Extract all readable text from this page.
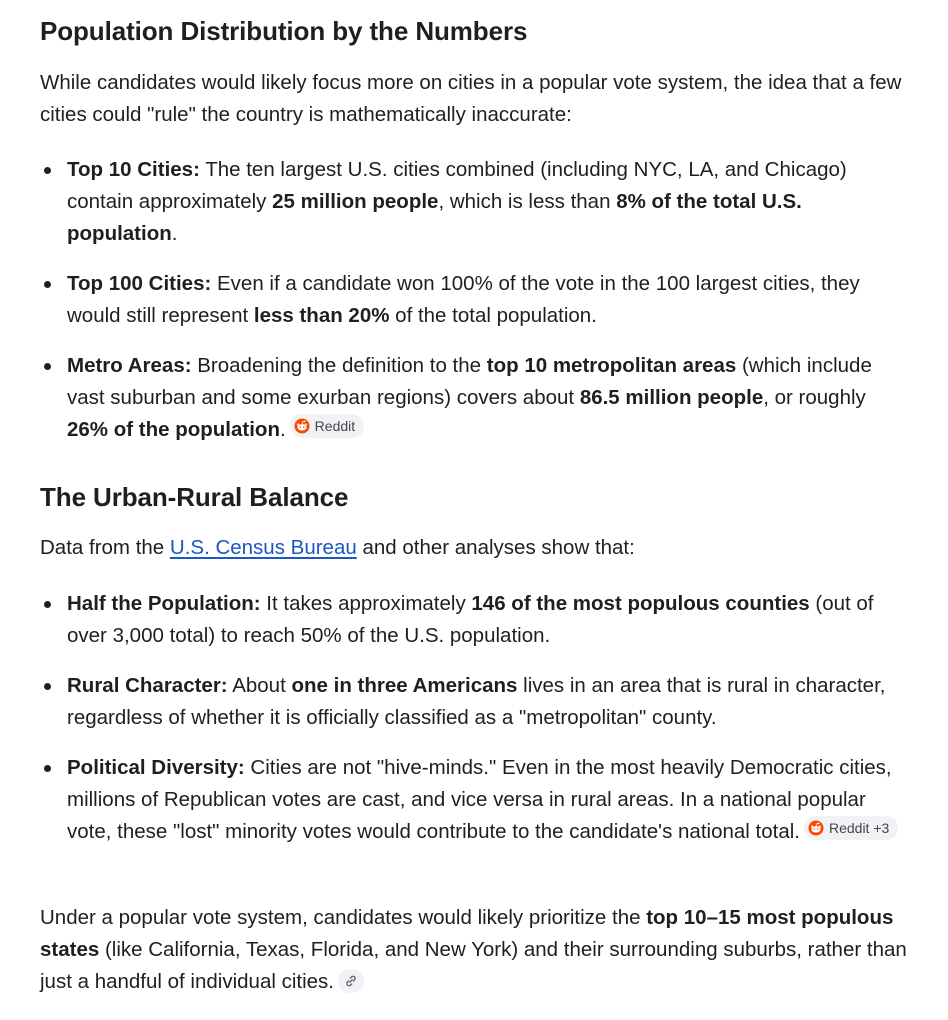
Population Distribution by the Numbers

While candidates would likely focus more on cities in a popular vote system, the idea that a few cities could "rule" the country is mathematically inaccurate:

Top 10 Cities: The ten largest U.S. cities combined (including NYC, LA, and Chicago) contain approximately 25 million people, which is less than 8% of the total U.S. population.
Top 100 Cities: Even if a candidate won 100% of the vote in the 100 largest cities, they would still represent less than 20% of the total population.
Metro Areas: Broadening the definition to the top 10 metropolitan areas (which include vast suburban and some exurban regions) covers about 86.5 million people, or roughly 26% of the population. Reddit
The Urban-Rural Balance

Data from the U.S. Census Bureau and other analyses show that:

Half the Population: It takes approximately 146 of the most populous counties (out of over 3,000 total) to reach 50% of the U.S. population.
Rural Character: About one in three Americans lives in an area that is rural in character, regardless of whether it is officially classified as a "metropolitan" county.
Political Diversity: Cities are not "hive-minds." Even in the most heavily Democratic cities, millions of Republican votes are cast, and vice versa in rural areas. In a national popular vote, these "lost" minority votes would contribute to the candidate's national total. Reddit +3

Under a popular vote system, candidates would likely prioritize the top 10–15 most populous states (like California, Texas, Florida, and New York) and their surrounding suburbs, rather than just a handful of individual cities.
